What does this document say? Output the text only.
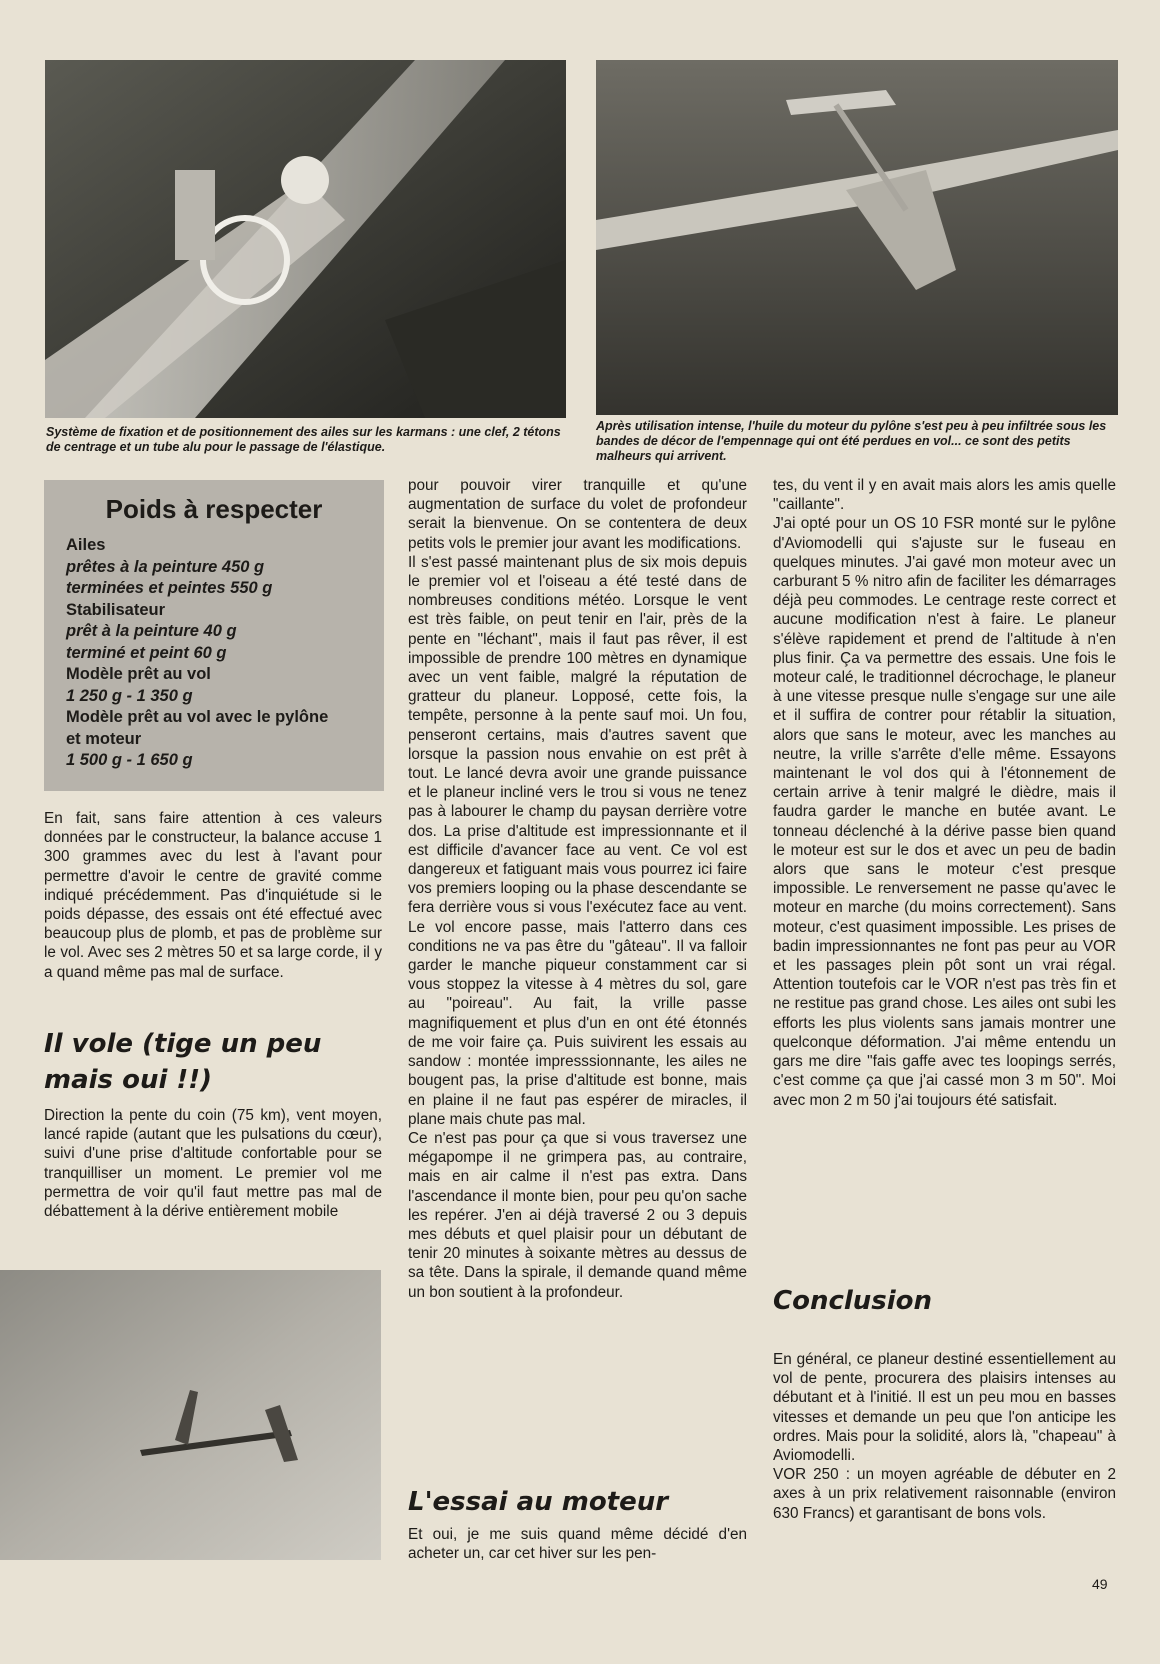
Système de fixation et de positionnement des ailes sur les karmans : une clef, 2 tétons de centrage et un tube alu pour le passage de l'élastique.
Après utilisation intense, l'huile du moteur du pylône s'est peu à peu infiltrée sous les bandes de décor de l'empennage qui ont été perdues en vol... ce sont des petits malheurs qui arrivent.
Poids à respecter
Ailes
prêtes à la peinture 450 g
terminées et peintes 550 g
Stabilisateur
prêt à la peinture 40 g
terminé et peint 60 g
Modèle prêt au vol
1 250 g - 1 350 g
Modèle prêt au vol avec le pylône
et moteur
1 500 g - 1 650 g

En fait, sans faire attention à ces valeurs données par le constructeur, la balance accuse 1 300 grammes avec du lest à l'avant pour permettre d'avoir le centre de gravité comme indiqué précédemment. Pas d'inquiétude si le poids dépasse, des essais ont été effectué avec beaucoup plus de plomb, et pas de problème sur le vol. Avec ses 2 mètres 50 et sa large corde, il y a quand même pas mal de surface.

Il vole (tige un peu mais oui !!)

Direction la pente du coin (75 km), vent moyen, lancé rapide (autant que les pulsations du cœur), suivi d'une prise d'altitude confortable pour se tranquilliser un moment. Le premier vol me permettra de voir qu'il faut mettre pas mal de débattement à la dérive entièrement mobile

pour pouvoir virer tranquille et qu'une augmentation de surface du volet de profondeur serait la bienvenue. On se contentera de deux petits vols le premier jour avant les modifications.

Il s'est passé maintenant plus de six mois depuis le premier vol et l'oiseau a été testé dans de nombreuses conditions météo. Lorsque le vent est très faible, on peut tenir en l'air, près de la pente en "léchant", mais il faut pas rêver, il est impossible de prendre 100 mètres en dynamique avec un vent faible, malgré la réputation de gratteur du planeur. Lopposé, cette fois, la tempête, personne à la pente sauf moi. Un fou, penseront certains, mais d'autres savent que lorsque la passion nous envahie on est prêt à tout. Le lancé devra avoir une grande puissance et le planeur incliné vers le trou si vous ne tenez pas à labourer le champ du paysan derrière votre dos. La prise d'altitude est impressionnante et il est difficile d'avancer face au vent. Ce vol est dangereux et fatiguant mais vous pourrez ici faire vos premiers looping ou la phase descendante se fera derrière vous si vous l'exécutez face au vent. Le vol encore passe, mais l'atterro dans ces conditions ne va pas être du "gâteau". Il va falloir garder le manche piqueur constamment car si vous stoppez la vitesse à 4 mètres du sol, gare au "poireau". Au fait, la vrille passe magnifiquement et plus d'un en ont été étonnés de me voir faire ça. Puis suivirent les essais au sandow : montée impresssionnante, les ailes ne bougent pas, la prise d'altitude est bonne, mais en plaine il ne faut pas espérer de miracles, il plane mais chute pas mal.

Ce n'est pas pour ça que si vous traversez une mégapompe il ne grimpera pas, au contraire, mais en air calme il n'est pas extra. Dans l'ascendance il monte bien, pour peu qu'on sache les repérer. J'en ai déjà traversé 2 ou 3 depuis mes débuts et quel plaisir pour un débutant de tenir 20 minutes à soixante mètres au dessus de sa tête. Dans la spirale, il demande quand même un bon soutient à la profondeur.

L'essai au moteur

Et oui, je me suis quand même décidé d'en acheter un, car cet hiver sur les pen-

tes, du vent il y en avait mais alors les amis quelle "caillante".

J'ai opté pour un OS 10 FSR monté sur le pylône d'Aviomodelli qui s'ajuste sur le fuseau en quelques minutes. J'ai gavé mon moteur avec un carburant 5 % nitro afin de faciliter les démarrages déjà peu commodes. Le centrage reste correct et aucune modification n'est à faire. Le planeur s'élève rapidement et prend de l'altitude à n'en plus finir. Ça va permettre des essais. Une fois le moteur calé, le traditionnel décrochage, le planeur à une vitesse presque nulle s'engage sur une aile et il suffira de contrer pour rétablir la situation, alors que sans le moteur, avec les manches au neutre, la vrille s'arrête d'elle même. Essayons maintenant le vol dos qui à l'étonnement de certain arrive à tenir malgré le dièdre, mais il faudra garder le manche en butée avant. Le tonneau déclenché à la dérive passe bien quand le moteur est sur le dos et avec un peu de badin alors que sans le moteur c'est presque impossible. Le renversement ne passe qu'avec le moteur en marche (du moins correctement). Sans moteur, c'est quasiment impossible. Les prises de badin impressionnantes ne font pas peur au VOR et les passages plein pôt sont un vrai régal. Attention toutefois car le VOR n'est pas très fin et ne restitue pas grand chose. Les ailes ont subi les efforts les plus violents sans jamais montrer une quelconque déformation. J'ai même entendu un gars me dire "fais gaffe avec tes loopings serrés, c'est comme ça que j'ai cassé mon 3 m 50". Moi avec mon 2 m 50 j'ai toujours été satisfait.

Conclusion

En général, ce planeur destiné essentiellement au vol de pente, procurera des plaisirs intenses au débutant et à l'initié. Il est un peu mou en basses vitesses et demande un peu que l'on anticipe les ordres. Mais pour la solidité, alors là, "chapeau" à Aviomodelli.

VOR 250 : un moyen agréable de débuter en 2 axes à un prix relativement raisonnable (environ 630 Francs) et garantisant de bons vols.

49
